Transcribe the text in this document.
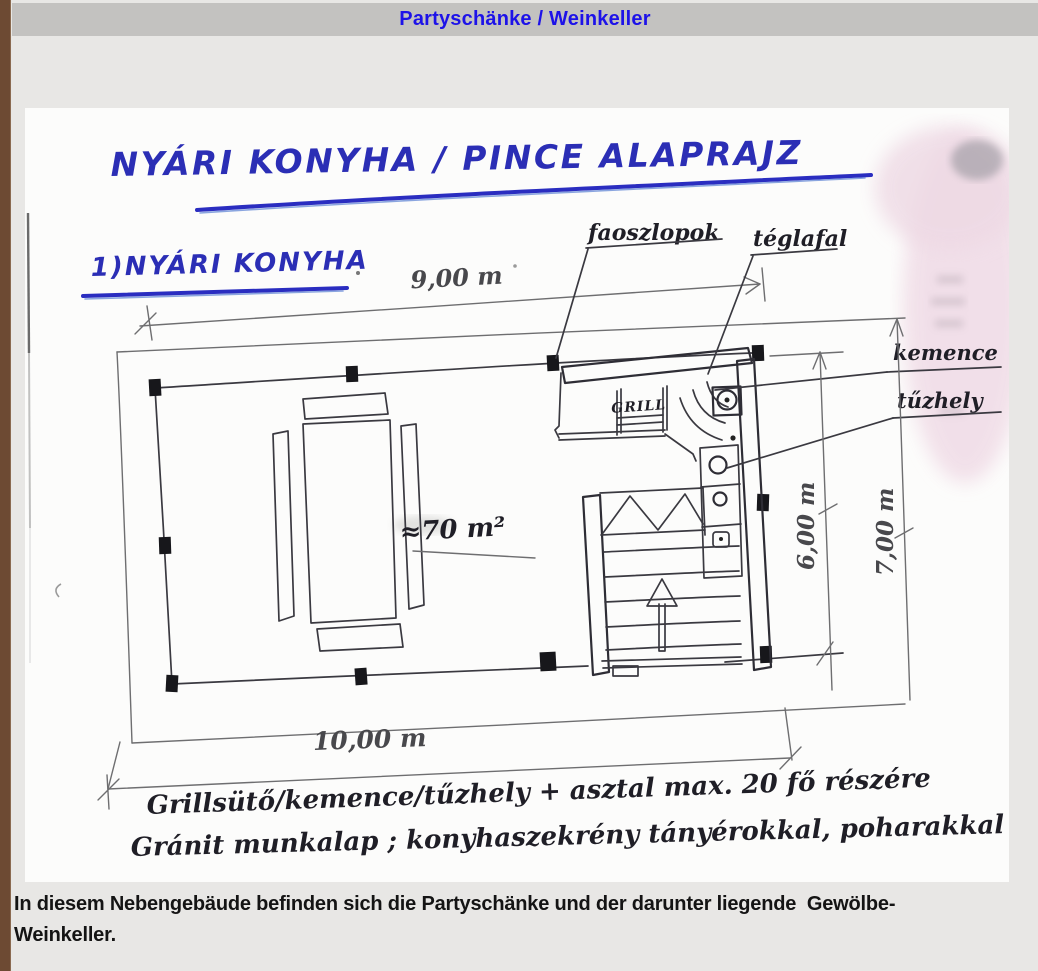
Partyschänke / Weinkeller
NYÁRI KONYHA / PINCE ALAPRAJZ
1)NYÁRI KONYHA 9,00 m
≈70 m²
GRILL
faoszlopok téglafal
kemence
tűzhely
6,00 m 7,00 m
10,00 m
Grillsütő/kemence/tűzhely + asztal max. 20 fő részére
Gránit munkalap ; konyhaszekrény tányérokkal, poharakkal
In diesem Nebengebäude befinden sich die Partyschänke und der darunter liegende  Gewölbe-
Weinkeller.
